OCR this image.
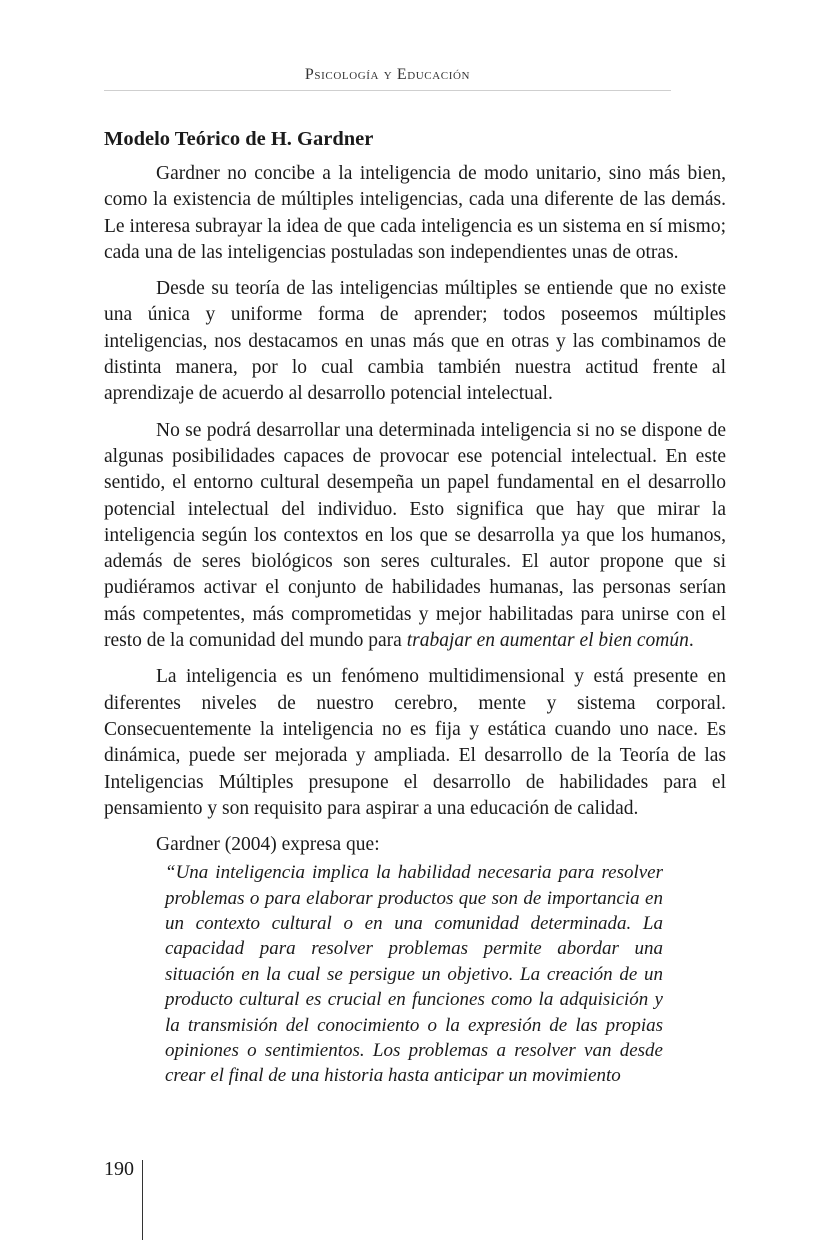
Psicología y Educación
Modelo Teórico de H. Gardner

Gardner no concibe a la inteligencia de modo unitario, sino más bien, como la existencia de múltiples inteligencias, cada una diferente de las demás. Le interesa subrayar la idea de que cada inteligencia es un sistema en sí mismo; cada una de las inteligencias postuladas son independientes unas de otras.

Desde su teoría de las inteligencias múltiples se entiende que no existe una única y uniforme forma de aprender; todos poseemos múltiples inteligencias, nos destacamos en unas más que en otras y las combinamos de distinta manera, por lo cual cambia también nuestra actitud frente al aprendizaje de acuerdo al desarrollo potencial intelectual.

No se podrá desarrollar una determinada inteligencia si no se dispone de algunas posibilidades capaces de provocar ese potencial intelectual. En este sentido, el entorno cultural desempeña un papel fundamental en el desarrollo potencial intelectual del individuo. Esto significa que hay que mirar la inteligencia según los contextos en los que se desarrolla ya que los humanos, además de seres biológicos son seres culturales. El autor propone que si pudiéramos activar el conjunto de habilidades humanas, las personas serían más competentes, más comprometidas y mejor habilitadas para unirse con el resto de la comunidad del mundo para trabajar en aumentar el bien común.

La inteligencia es un fenómeno multidimensional y está presente en diferentes niveles de nuestro cerebro, mente y sistema corporal. Consecuentemente la inteligencia no es fija y estática cuando uno nace. Es dinámica, puede ser mejorada y ampliada. El desarrollo de la Teoría de las Inteligencias Múltiples presupone el desarrollo de habilidades para el pensamiento y son requisito para aspirar a una educación de calidad.

Gardner (2004) expresa que:

“Una inteligencia implica la habilidad necesaria para resolver problemas o para elaborar productos que son de importancia en un contexto cultural o en una comunidad determinada. La capacidad para resolver problemas permite abordar una situación en la cual se persigue un objetivo. La creación de un producto cultural es crucial en funciones como la adquisición y la transmisión del conocimiento o la expresión de las propias opiniones o sentimientos. Los problemas a resolver van desde crear el final de una historia hasta anticipar un movimiento
190
